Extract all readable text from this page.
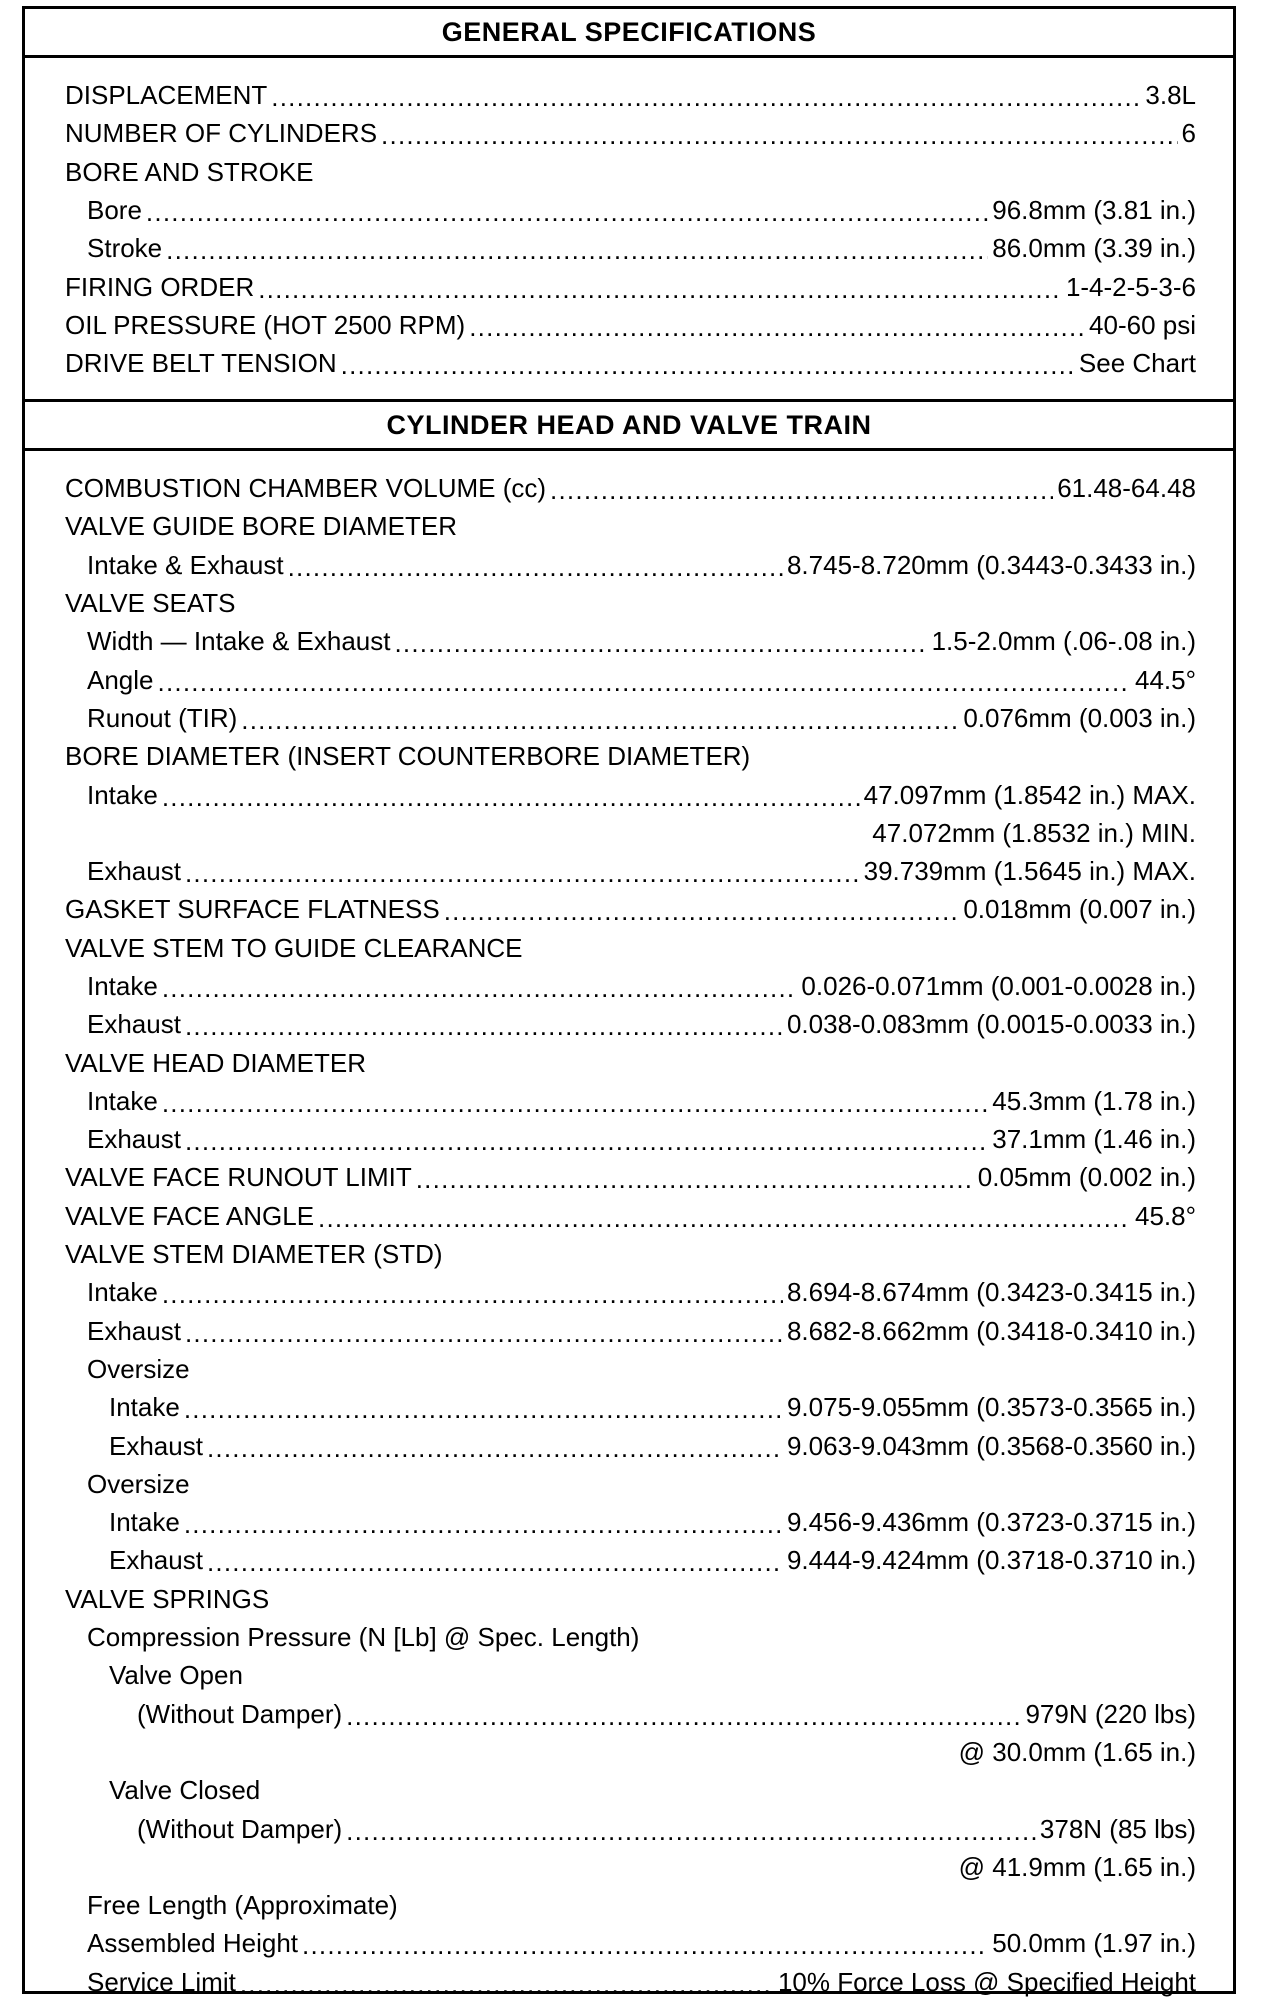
GENERAL SPECIFICATIONS
DISPLACEMENT . . .	3.8L
NUMBER OF CYLINDERS . . .	6
BORE AND STROKE
Bore . . .	96.8mm (3.81 in.)
Stroke . . .	86.0mm (3.39 in.)
FIRING ORDER . . .	1-4-2-5-3-6
OIL PRESSURE (HOT 2500 RPM) . . .	40-60 psi
DRIVE BELT TENSION . . .	See Chart
CYLINDER HEAD AND VALVE TRAIN
COMBUSTION CHAMBER VOLUME (cc) . . .	61.48-64.48
VALVE GUIDE BORE DIAMETER
Intake & Exhaust . . .	8.745-8.720mm (0.3443-0.3433 in.)
VALVE SEATS
Width — Intake & Exhaust . . .	1.5-2.0mm (.06-.08 in.)
Angle . . .	44.5°
Runout (TIR) . . .	0.076mm (0.003 in.)
BORE DIAMETER (INSERT COUNTERBORE DIAMETER)
Intake . . .	47.097mm (1.8542 in.) MAX.
47.072mm (1.8532 in.) MIN.
Exhaust . . .	39.739mm (1.5645 in.) MAX.
GASKET SURFACE FLATNESS . . .	0.018mm (0.007 in.)
VALVE STEM TO GUIDE CLEARANCE
Intake . . .	0.026-0.071mm (0.001-0.0028 in.)
Exhaust . . .	0.038-0.083mm (0.0015-0.0033 in.)
VALVE HEAD DIAMETER
Intake . . .	45.3mm (1.78 in.)
Exhaust . . .	37.1mm (1.46 in.)
VALVE FACE RUNOUT LIMIT . . .	0.05mm (0.002 in.)
VALVE FACE ANGLE . . .	45.8°
VALVE STEM DIAMETER (STD)
Intake . . .	8.694-8.674mm (0.3423-0.3415 in.)
Exhaust . . .	8.682-8.662mm (0.3418-0.3410 in.)
Oversize
Intake . . .	9.075-9.055mm (0.3573-0.3565 in.)
Exhaust . . .	9.063-9.043mm (0.3568-0.3560 in.)
Oversize
Intake . . .	9.456-9.436mm (0.3723-0.3715 in.)
Exhaust . . .	9.444-9.424mm (0.3718-0.3710 in.)
VALVE SPRINGS
Compression Pressure (N [Lb] @ Spec. Length)
Valve Open
(Without Damper) . . .	979N (220 lbs)
@ 30.0mm (1.65 in.)
Valve Closed
(Without Damper) . . .	378N (85 lbs)
@ 41.9mm (1.65 in.)
Free Length (Approximate)
Assembled Height . . .	50.0mm (1.97 in.)
Service Limit . . .	10% Force Loss @ Specified Height
